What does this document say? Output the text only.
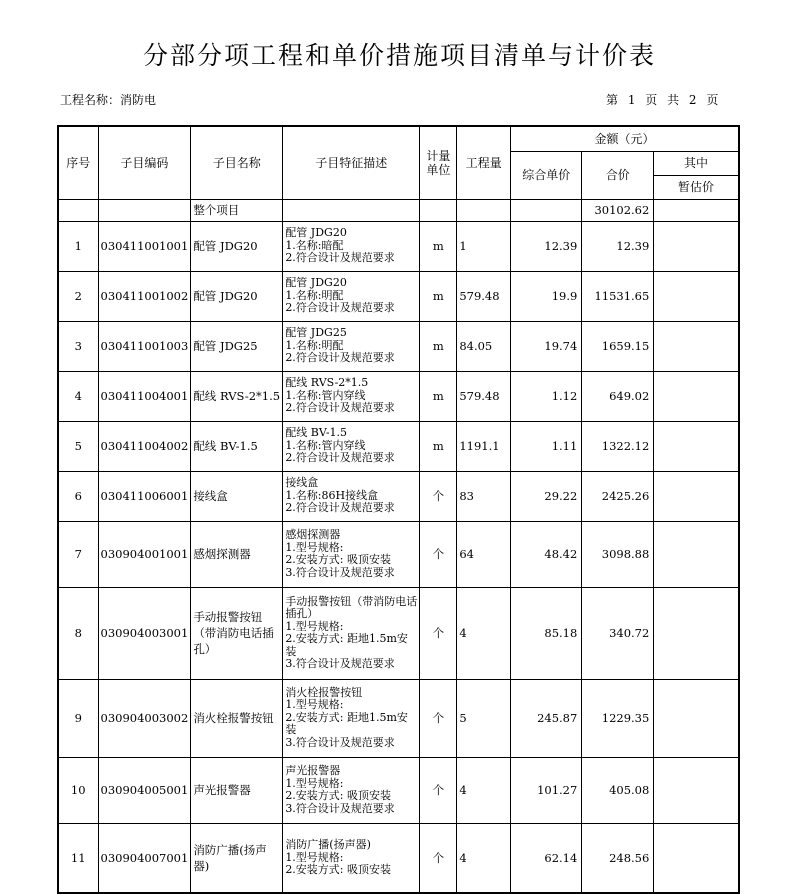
分部分项工程和单价措施项目清单与计价表
工程名称：消防电	第 1 页 共 2 页
序号	子目编码	子目名称	子目特征描述	计量单位	工程量	金额（元）		
						综合单价	合价	其中
								暂估价
		整个项目					30102.62	
1	030411001001	配管 JDG20	配管 JDG20
1.名称:暗配
2.符合设计及规范要求	m	1	12.39	12.39	
2	030411001002	配管 JDG20	配管 JDG20
1.名称:明配
2.符合设计及规范要求	m	579.48	19.9	11531.65	
3	030411001003	配管 JDG25	配管 JDG25
1.名称:明配
2.符合设计及规范要求	m	84.05	19.74	1659.15	
4	030411004001	配线 RVS-2*1.5	配线 RVS-2*1.5
1.名称:管内穿线
2.符合设计及规范要求	m	579.48	1.12	649.02	
5	030411004002	配线 BV-1.5	配线 BV-1.5
1.名称:管内穿线
2.符合设计及规范要求	m	1191.1	1.11	1322.12	
6	030411006001	接线盒	接线盒
1.名称:86H接线盒
2.符合设计及规范要求	个	83	29.22	2425.26	
7	030904001001	感烟探测器	感烟探测器
1.型号规格:
2.安装方式: 吸顶安装
3.符合设计及规范要求	个	64	48.42	3098.88	
8	030904003001	手动报警按钮（带消防电话插孔）	手动报警按钮（带消防电话插孔）
1.型号规格:
2.安装方式: 距地1.5m安装
3.符合设计及规范要求	个	4	85.18	340.72	
9	030904003002	消火栓报警按钮	消火栓报警按钮
1.型号规格:
2.安装方式: 距地1.5m安装
3.符合设计及规范要求	个	5	245.87	1229.35	
10	030904005001	声光报警器	声光报警器
1.型号规格:
2.安装方式: 吸顶安装
3.符合设计及规范要求	个	4	101.27	405.08	
11	030904007001	消防广播(扬声器)	消防广播(扬声器)
1.型号规格:
2.安装方式: 吸顶安装	个	4	62.14	248.56	
